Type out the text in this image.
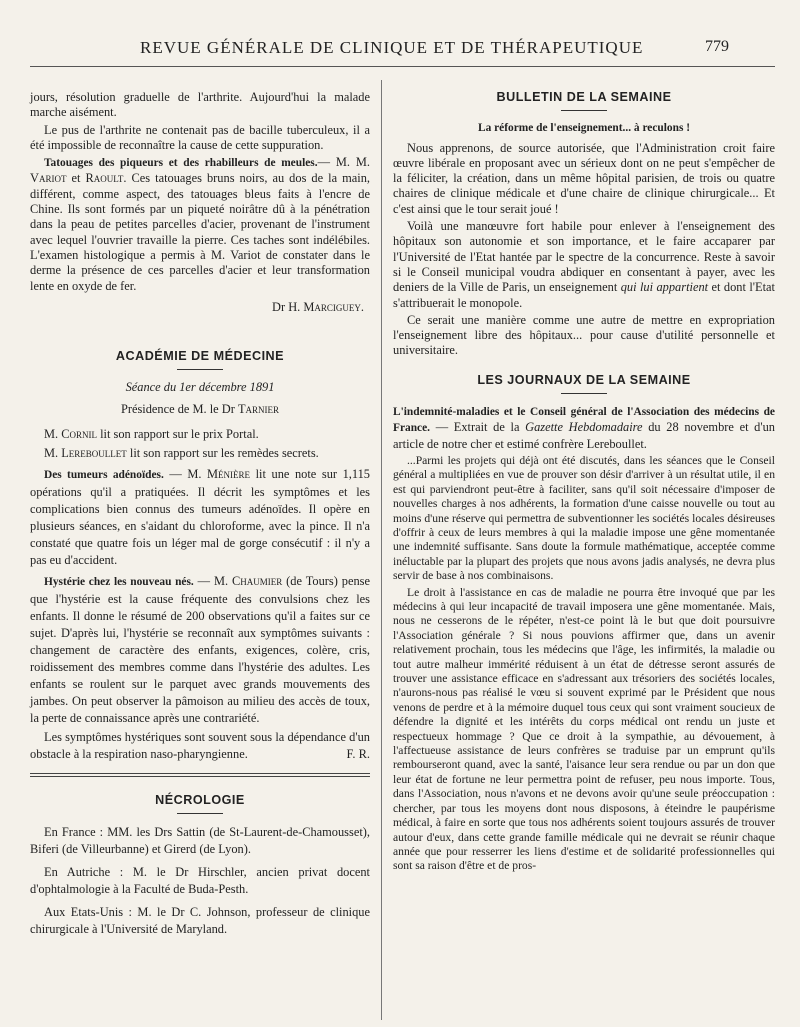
REVUE GÉNÉRALE DE CLINIQUE ET DE THÉRAPEUTIQUE	779

jours, résolution graduelle de l'arthrite. Aujourd'hui la malade marche aisément.

Le pus de l'arthrite ne contenait pas de bacille tuberculeux, il a été impossible de reconnaître la cause de cette suppuration.

Tatouages des piqueurs et des rhabilleurs de meules.— M. M. Variot et Raoult. Ces tatouages bruns noirs, au dos de la main, différent, comme aspect, des tatouages bleus faits à l'encre de Chine. Ils sont formés par un piqueté noirâtre dû à la pénétration dans la peau de petites parcelles d'acier, provenant de l'instrument avec lequel l'ouvrier travaille la pierre. Ces taches sont indélébiles. L'examen histologique a permis à M. Variot de constater dans le derme la présence de ces parcelles d'acier et leur transformation lente en oxyde de fer.

Dr H. Marciguey.

ACADÉMIE DE MÉDECINE

Séance du 1er décembre 1891

Présidence de M. le Dr Tarnier

M. Cornil lit son rapport sur le prix Portal.

M. Lereboullet lit son rapport sur les remèdes secrets.

Des tumeurs adénoïdes. — M. Ménière lit une note sur 1,115 opérations qu'il a pratiquées. Il décrit les symptômes et les complications bien connus des tumeurs adénoïdes. Il opère en plusieurs séances, en s'aidant du chloroforme, avec la pince. Il n'a constaté que quatre fois un léger mal de gorge consécutif : il n'y a pas eu d'accident.

Hystérie chez les nouveau nés. — M. Chaumier (de Tours) pense que l'hystérie est la cause fréquente des convulsions chez les enfants. Il donne le résumé de 200 observations qu'il a faites sur ce sujet. D'après lui, l'hystérie se reconnaît aux symptômes suivants : changement de caractère des enfants, exigences, colère, cris, roidissement des membres comme dans l'hystérie des adultes. Les enfants se roulent sur le parquet avec grands mouvements des jambes. On peut observer la pâmoison au milieu des accès de toux, la perte de connaissance après une contrariété.

Les symptômes hystériques sont souvent sous la dépendance d'un obstacle à la respiration naso-pharyngienne.	F. R.

NÉCROLOGIE

En France : MM. les Drs Sattin (de St-Laurent-de-Chamousset), Biferi (de Villeurbanne) et Girerd (de Lyon).

En Autriche : M. le Dr Hirschler, ancien privat docent d'ophtalmologie à la Faculté de Buda-Pesth.

Aux Etats-Unis : M. le Dr C. Johnson, professeur de clinique chirurgicale à l'Université de Maryland.

BULLETIN DE LA SEMAINE
La réforme de l'enseignement... à reculons !

Nous apprenons, de source autorisée, que l'Administration croit faire œuvre libérale en proposant avec un sérieux dont on ne peut s'empêcher de la féliciter, la création, dans un même hôpital parisien, de trois ou quatre chaires de clinique médicale et d'une chaire de clinique chirurgicale... Et c'est ainsi que le tour serait joué !

Voilà une manœuvre fort habile pour enlever à l'enseignement des hôpitaux son autonomie et son importance, et le faire accaparer par l'Université de l'Etat hantée par le spectre de la concurrence. Reste à savoir si le Conseil municipal voudra abdiquer en consentant à payer, avec les deniers de la Ville de Paris, un enseignement qui lui appartient et dont l'Etat s'attribuerait le monopole.

Ce serait une manière comme une autre de mettre en expropriation l'enseignement libre des hôpitaux... pour cause d'utilité personnelle et universitaire.

LES JOURNAUX DE LA SEMAINE

L'indemnité-maladies et le Conseil général de l'Association des médecins de France. — Extrait de la Gazette Hebdomadaire du 28 novembre et d'un article de notre cher et estimé confrère Lereboullet.

...Parmi les projets qui déjà ont été discutés, dans les séances que le Conseil général a multipliées en vue de prouver son désir d'arriver à un résultat utile, il en est qui parviendront peut-être à faciliter, sans qu'il soit nécessaire d'imposer de nouvelles charges à nos adhérents, la formation d'une caisse nouvelle ou tout au moins d'une réserve qui permettra de subventionner les sociétés locales désireuses d'offrir à ceux de leurs membres à qui la maladie impose une gêne momentanée une indemnité suffisante. Sans doute la formule mathématique, acceptée comme inéluctable par la plupart des projets que nous avons jadis analysés, ne devra plus servir de base à nos combinaisons.

Le droit à l'assistance en cas de maladie ne pourra être invoqué que par les médecins à qui leur incapacité de travail imposera une gêne momentanée. Mais, nous ne cesserons de le répéter, n'est-ce point là le but que doit poursuivre l'Association générale ? Si nous pouvions affirmer que, dans un avenir relativement prochain, tous les médecins que l'âge, les infirmités, la maladie ou tout autre malheur immérité réduisent à un état de détresse seront assurés de trouver une assistance efficace en s'adressant aux trésoriers des sociétés locales, n'aurons-nous pas réalisé le vœu si souvent exprimé par le Président que nous venons de perdre et à la mémoire duquel tous ceux qui sont vraiment soucieux de défendre la dignité et les intérêts du corps médical ont rendu un juste et respectueux hommage ? Que ce droit à la sympathie, au dévouement, à l'affectueuse assistance de leurs confrères se traduise par un emprunt qu'ils rembourseront quand, avec la santé, l'aisance leur sera rendue ou par un don que leur état de fortune ne leur permettra point de refuser, peu nous importe. Tous, dans l'Association, nous n'avons et ne devons avoir qu'une seule préoccupation : chercher, par tous les moyens dont nous disposons, à éteindre le paupérisme médical, à faire en sorte que tous nos adhérents soient toujours assurés de trouver autour d'eux, dans cette grande famille médicale qui ne devrait se réunir chaque année que pour resserrer les liens d'estime et de solidarité professionnelles qui sont sa raison d'être et de pros-
